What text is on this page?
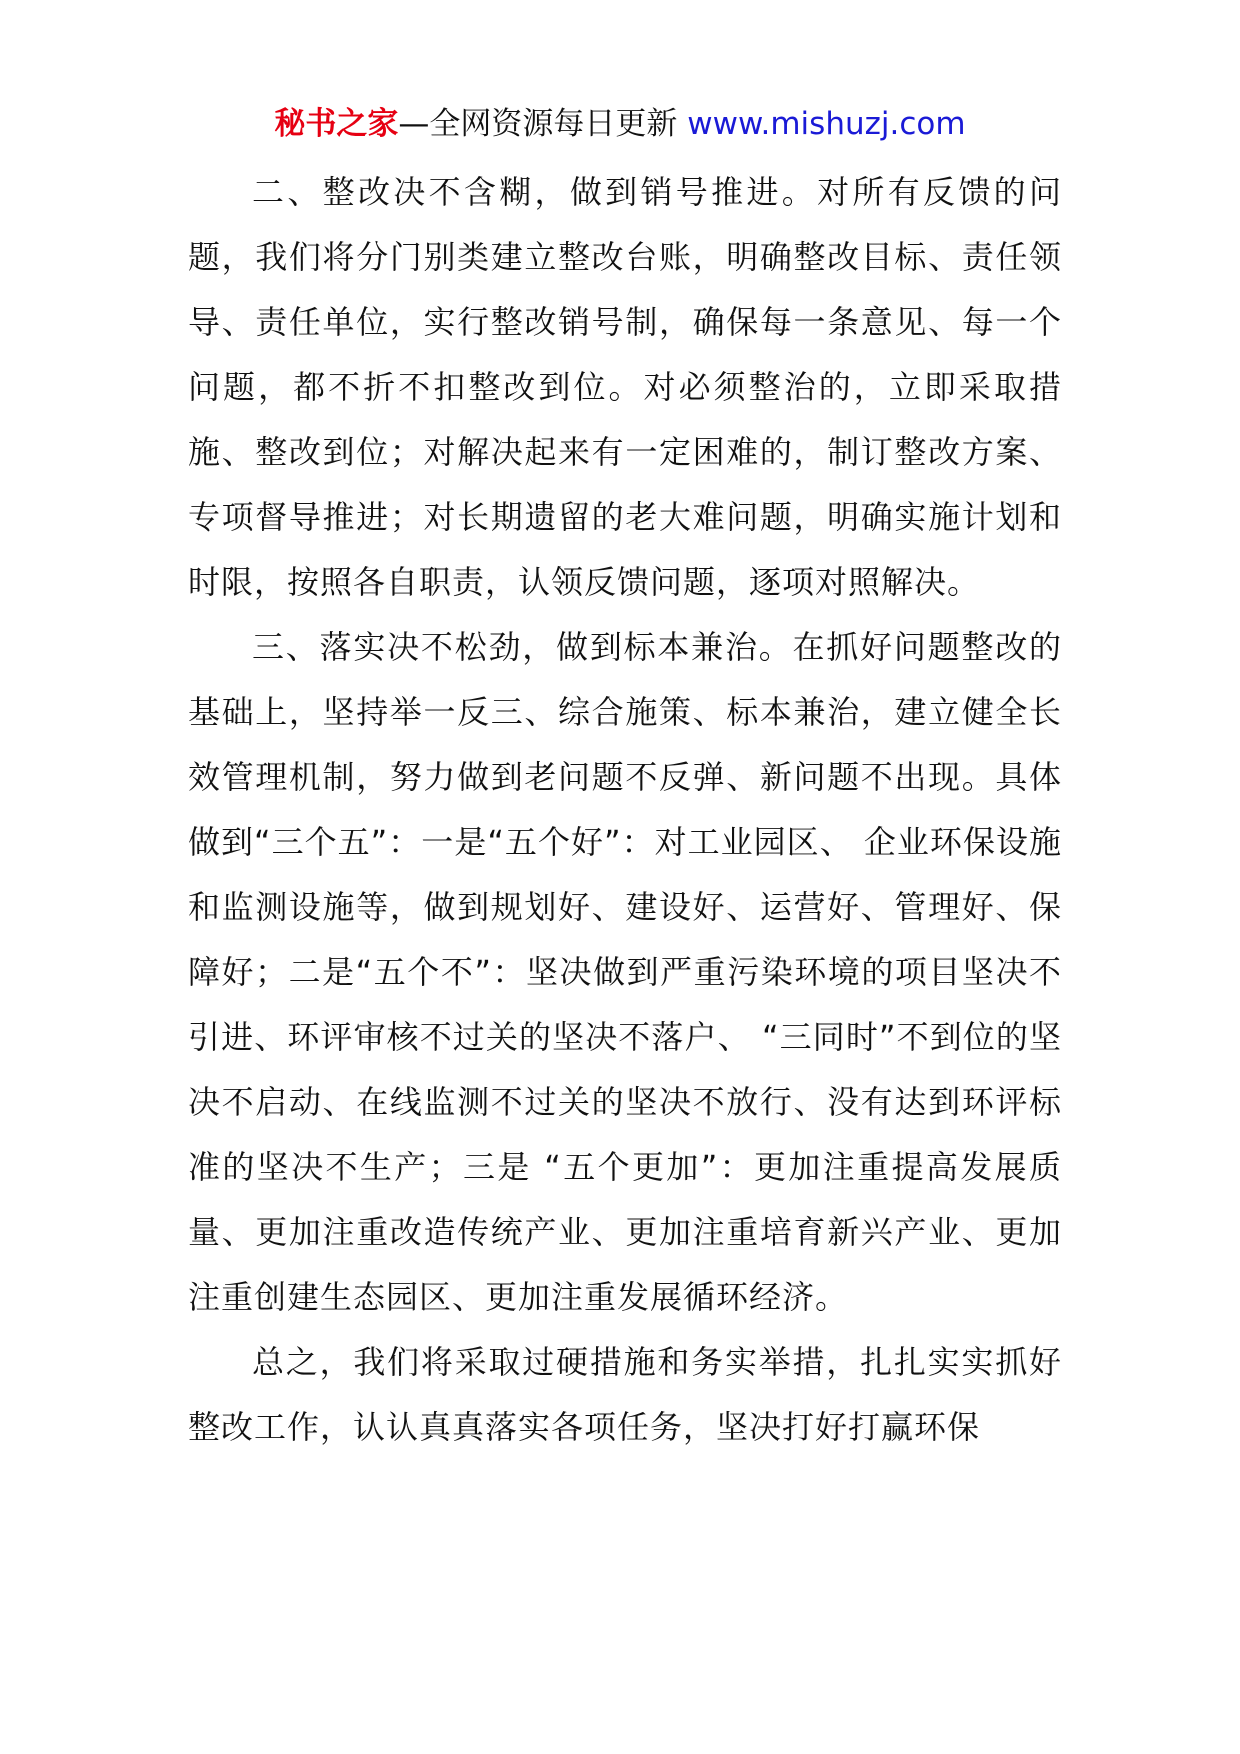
秘书之家—全网资源每日更新 www.mishuzj.com

二、整改决不含糊，做到销号推进。对所有反馈的问题，我们将分门别类建立整改台账，明确整改目标、责任领导、责任单位，实行整改销号制，确保每一条意见、每一个问题，都不折不扣整改到位。对必须整治的，立即采取措施、整改到位；对解决起来有一定困难的，制订整改方案、专项督导推进；对长期遗留的老大难问题，明确实施计划和时限，按照各自职责，认领反馈问题，逐项对照解决。

三、落实决不松劲，做到标本兼治。在抓好问题整改的基础上，坚持举一反三、综合施策、标本兼治，建立健全长效管理机制，努力做到老问题不反弹、新问题不出现。具体做到“三个五”：一是“五个好”：对工业园区、 企业环保设施和监测设施等，做到规划好、建设好、运营好、管理好、保障好；二是“五个不”：坚决做到严重污染环境的项目坚决不引进、环评审核不过关的坚决不落户、 “三同时”不到位的坚决不启动、在线监测不过关的坚决不放行、没有达到环评标准的坚决不生产；三是 “五个更加”：更加注重提高发展质量、更加注重改造传统产业、更加注重培育新兴产业、更加注重创建生态园区、更加注重发展循环经济。

总之，我们将采取过硬措施和务实举措，扎扎实实抓好整改工作，认认真真落实各项任务，坚决打好打赢环保
